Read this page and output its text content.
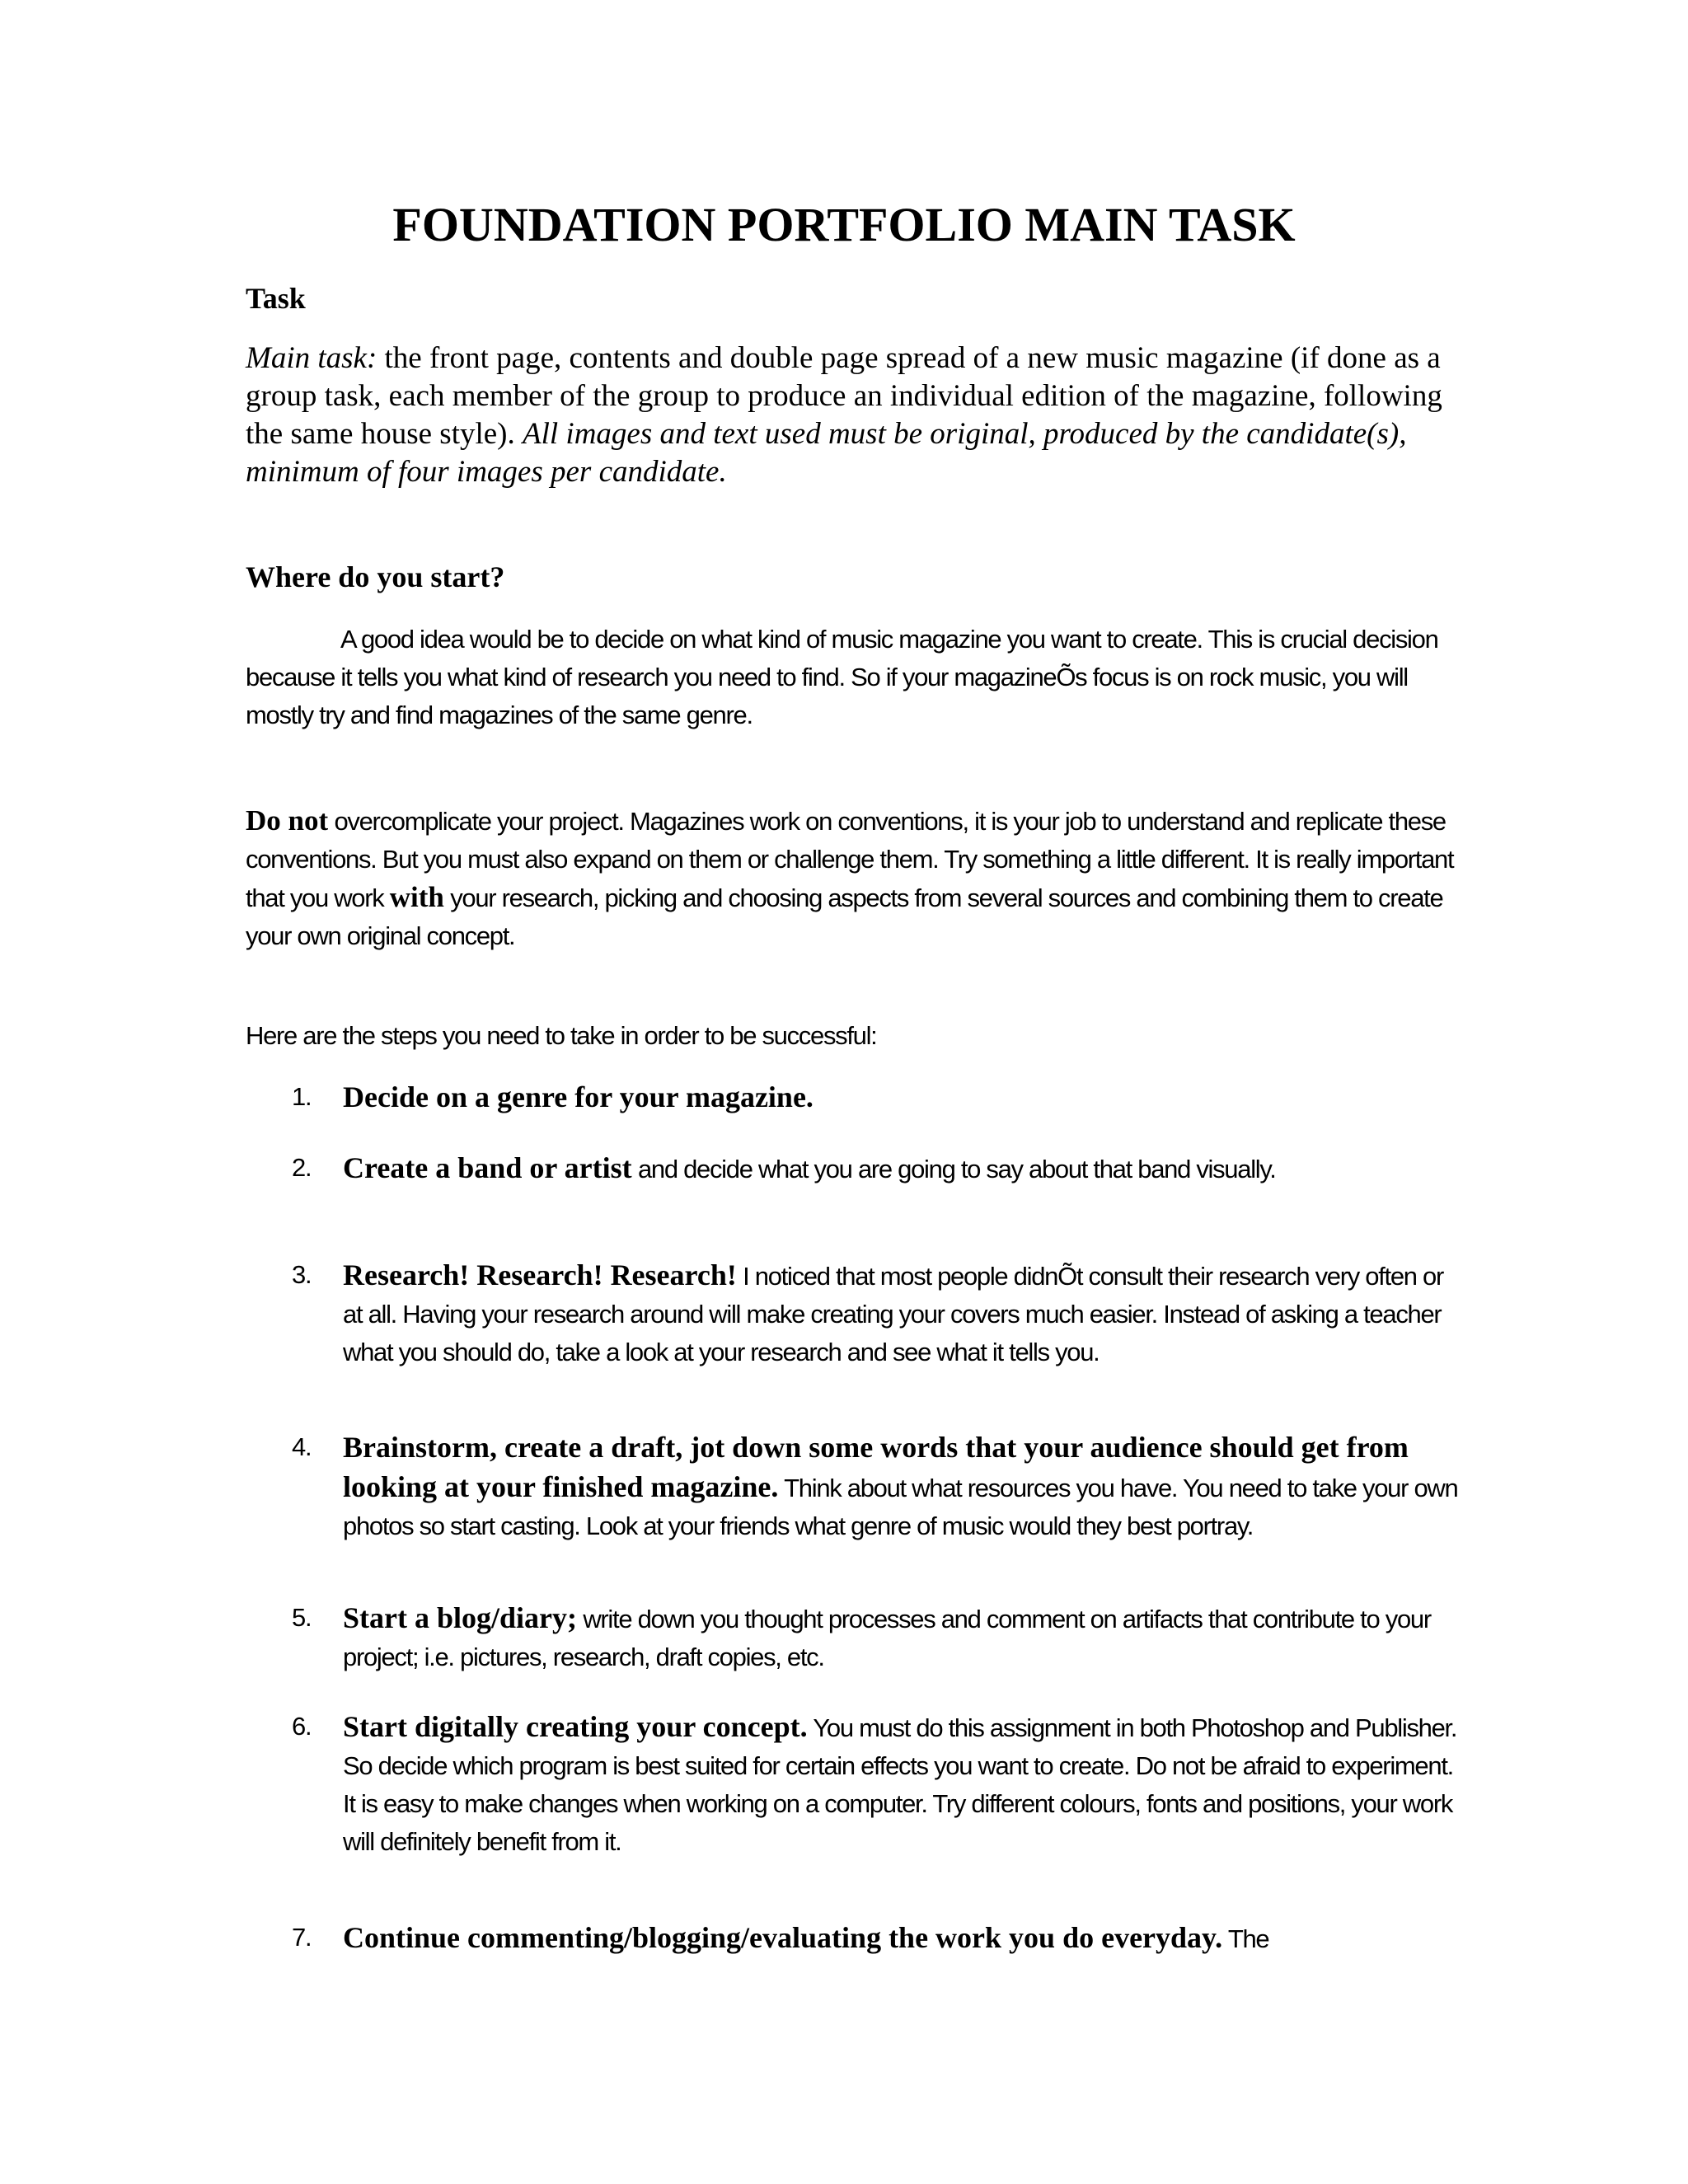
FOUNDATION PORTFOLIO MAIN TASK
Task
Main task: the front page, contents and double page spread of a new music magazine (if done as a group task, each member of the group to produce an individual edition of the magazine, following the same house style). All images and text used must be original, produced by the candidate(s), minimum of four images per candidate.
Where do you start?
A good idea would be to decide on what kind of music magazine you want to create. This is crucial decision because it tells you what kind of research you need to find. So if your magazineÕs focus is on rock music, you will mostly try and find magazines of the same genre.
Do not overcomplicate your project. Magazines work on conventions, it is your job to understand and replicate these conventions. But you must also expand on them or challenge them. Try something a little different. It is really important that you work with your research, picking and choosing aspects from several sources and combining them to create your own original concept.
Here are the steps you need to take in order to be successful:
1.	Decide on a genre for your magazine.
2.	Create a band or artist and decide what you are going to say about that band visually.
3.	Research! Research! Research! I noticed that most people didnÕt consult their research very often or at all. Having your research around will make creating your covers much easier. Instead of asking a teacher what you should do, take a look at your research and see what it tells you.
4.	Brainstorm, create a draft, jot down some words that your audience should get from looking at your finished magazine. Think about what resources you have. You need to take your own photos so start casting. Look at your friends what genre of music would they best portray.
5.	Start a blog/diary; write down you thought processes and comment on artifacts that contribute to your project; i.e. pictures, research, draft copies, etc.
6.	Start digitally creating your concept. You must do this assignment in both Photoshop and Publisher. So decide which program is best suited for certain effects you want to create. Do not be afraid to experiment. It is easy to make changes when working on a computer. Try different colours, fonts and positions, your work will definitely benefit from it.
7.	Continue commenting/blogging/evaluating the work you do everyday. The
